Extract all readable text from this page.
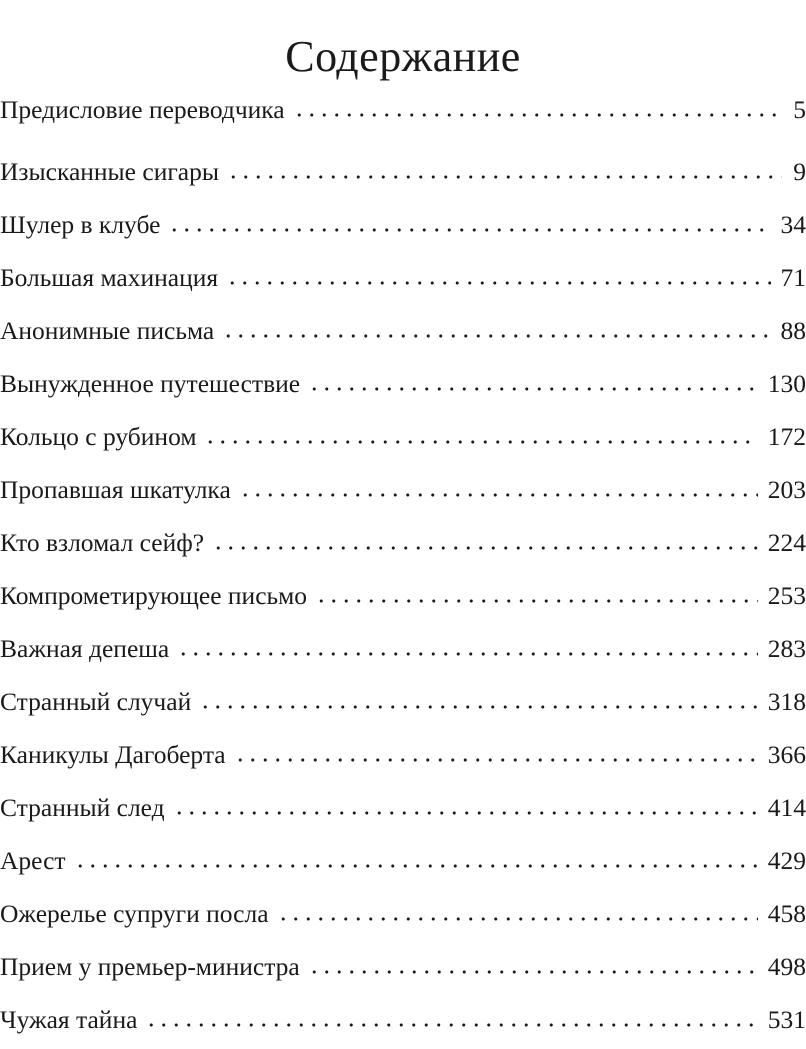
Содержание
Предисловие переводчика	5
Изысканные сигары	9
Шулер в клубе	34
Большая махинация	71
Анонимные письма	88
Вынужденное путешествие	130
Кольцо с рубином	172
Пропавшая шкатулка	203
Кто взломал сейф?	224
Компрометирующее письмо	253
Важная депеша	283
Странный случай	318
Каникулы Дагоберта	366
Странный след	414
Арест	429
Ожерелье супруги посла	458
Прием у премьер-министра	498
Чужая тайна	531
